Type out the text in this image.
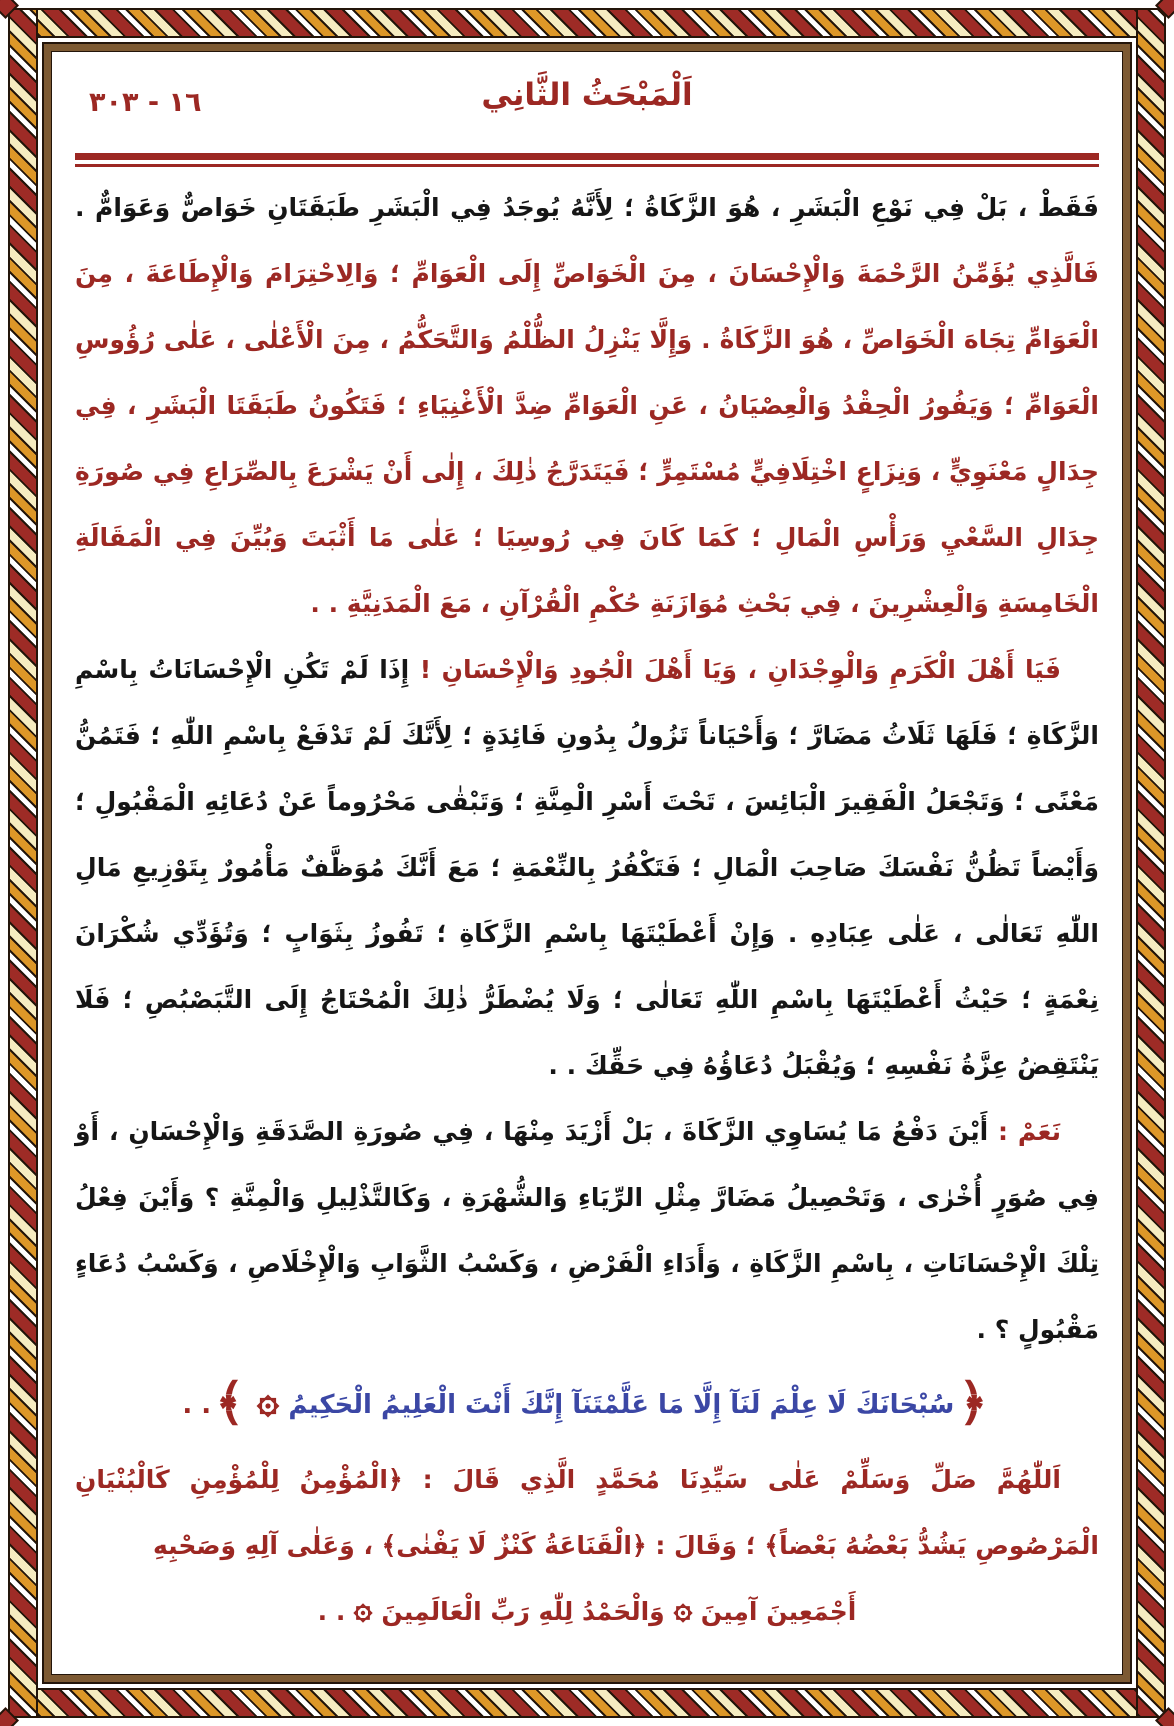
١٦ - ٣٠٣	اَلْمَبْحَثُ الثَّانِي

فَقَطْ ، بَلْ فِي نَوْعِ الْبَشَرِ ، هُوَ الزَّكَاةُ ؛ لِأَنَّهُ يُوجَدُ فِي الْبَشَرِ طَبَقَتَانِ خَوَاصٌّ وَعَوَامٌّ . فَالَّذِي يُؤَمِّنُ الرَّحْمَةَ وَالْإِحْسَانَ ، مِنَ الْخَوَاصِّ إِلَى الْعَوَامِّ ؛ وَالِاحْتِرَامَ وَالْإِطَاعَةَ ، مِنَ الْعَوَامِّ تِجَاهَ الْخَوَاصِّ ، هُوَ الزَّكَاةُ . وَإِلَّا يَنْزِلُ الظُّلْمُ وَالتَّحَكُّمُ ، مِنَ الْأَعْلٰى ، عَلٰى رُؤُوسِ الْعَوَامِّ ؛ وَيَفُورُ الْحِقْدُ وَالْعِصْيَانُ ، عَنِ الْعَوَامِّ ضِدَّ الْأَغْنِيَاءِ ؛ فَتَكُونُ طَبَقَتَا الْبَشَرِ ، فِي جِدَالٍ مَعْنَوِيٍّ ، وَنِزَاعٍ اخْتِلَافِيٍّ مُسْتَمِرٍّ ؛ فَيَتَدَرَّجُ ذٰلِكَ ، إِلٰى أَنْ يَشْرَعَ بِالصِّرَاعِ فِي صُورَةِ جِدَالِ السَّعْيِ وَرَأْسِ الْمَالِ ؛ كَمَا كَانَ فِي رُوسِيَا ؛ عَلٰى مَا أَثْبَتَ وَبُيِّنَ فِي الْمَقَالَةِ الْخَامِسَةِ وَالْعِشْرِينَ ، فِي بَحْثِ مُوَازَنَةِ حُكْمِ الْقُرْآنِ ، مَعَ الْمَدَنِيَّةِ . .

فَيَا أَهْلَ الْكَرَمِ وَالْوِجْدَانِ ، وَيَا أَهْلَ الْجُودِ وَالْإِحْسَانِ ! إِذَا لَمْ تَكُنِ الْإِحْسَانَاتُ بِاسْمِ الزَّكَاةِ ؛ فَلَهَا ثَلَاثُ مَضَارَّ ؛ وَأَحْيَاناً تَزُولُ بِدُونِ فَائِدَةٍ ؛ لِأَنَّكَ لَمْ تَدْفَعْ بِاسْمِ اللّٰهِ ؛ فَتَمُنُّ مَعْنًى ؛ وَتَجْعَلُ الْفَقِيرَ الْبَائِسَ ، تَحْتَ أَسْرِ الْمِنَّةِ ؛ وَتَبْقٰى مَحْرُوماً عَنْ دُعَائِهِ الْمَقْبُولِ ؛ وَأَيْضاً تَظُنُّ نَفْسَكَ صَاحِبَ الْمَالِ ؛ فَتَكْفُرُ بِالنِّعْمَةِ ؛ مَعَ أَنَّكَ مُوَظَّفٌ مَأْمُورٌ بِتَوْزِيعِ مَالِ اللّٰهِ تَعَالٰى ، عَلٰى عِبَادِهِ . وَإِنْ أَعْطَيْتَهَا بِاسْمِ الزَّكَاةِ ؛ تَفُوزُ بِثَوَابٍ ؛ وَتُؤَدِّي شُكْرَانَ نِعْمَةٍ ؛ حَيْثُ أَعْطَيْتَهَا بِاسْمِ اللّٰهِ تَعَالٰى ؛ وَلَا يُضْطَرُّ ذٰلِكَ الْمُحْتَاجُ إِلَى التَّبَصْبُصِ ؛ فَلَا يَنْتَقِضُ عِزَّةُ نَفْسِهِ ؛ وَيُقْبَلُ دُعَاؤُهُ فِي حَقِّكَ . .

نَعَمْ : أَيْنَ دَفْعُ مَا يُسَاوِي الزَّكَاةَ ، بَلْ أَزْيَدَ مِنْهَا ، فِي صُورَةِ الصَّدَقَةِ وَالْإِحْسَانِ ، أَوْ فِي صُوَرٍ أُخْرٰى ، وَتَحْصِيلُ مَضَارَّ مِثْلِ الرِّيَاءِ وَالشُّهْرَةِ ، وَكَالتَّذْلِيلِ وَالْمِنَّةِ ؟ وَأَيْنَ فِعْلُ تِلْكَ الْإِحْسَانَاتِ ، بِاسْمِ الزَّكَاةِ ، وَأَدَاءِ الْفَرْضِ ، وَكَسْبُ الثَّوَابِ وَالْإِخْلَاصِ ، وَكَسْبُ دُعَاءٍ مَقْبُولٍ ؟ .

﴿سُبْحَانَكَ لَا عِلْمَ لَنَآ إِلَّا مَا عَلَّمْتَنَآ إِنَّكَ أَنْتَ الْعَلِيمُ الْحَكِيمُ﴾. .

اَللّٰهُمَّ صَلِّ وَسَلِّمْ عَلٰى سَيِّدِنَا مُحَمَّدٍ الَّذِي قَالَ : ﴿الْمُؤْمِنُ لِلْمُؤْمِنِ كَالْبُنْيَانِ الْمَرْصُوصِ يَشُدُّ بَعْضُهُ بَعْضاً﴾ ؛ وَقَالَ : ﴿الْقَنَاعَةُ كَنْزٌ لَا يَفْنٰى﴾ ، وَعَلٰى آلِهِ وَصَحْبِهِ

أَجْمَعِينَ آمِينَوَالْحَمْدُ لِلّٰهِ رَبِّ الْعَالَمِينَ. .
